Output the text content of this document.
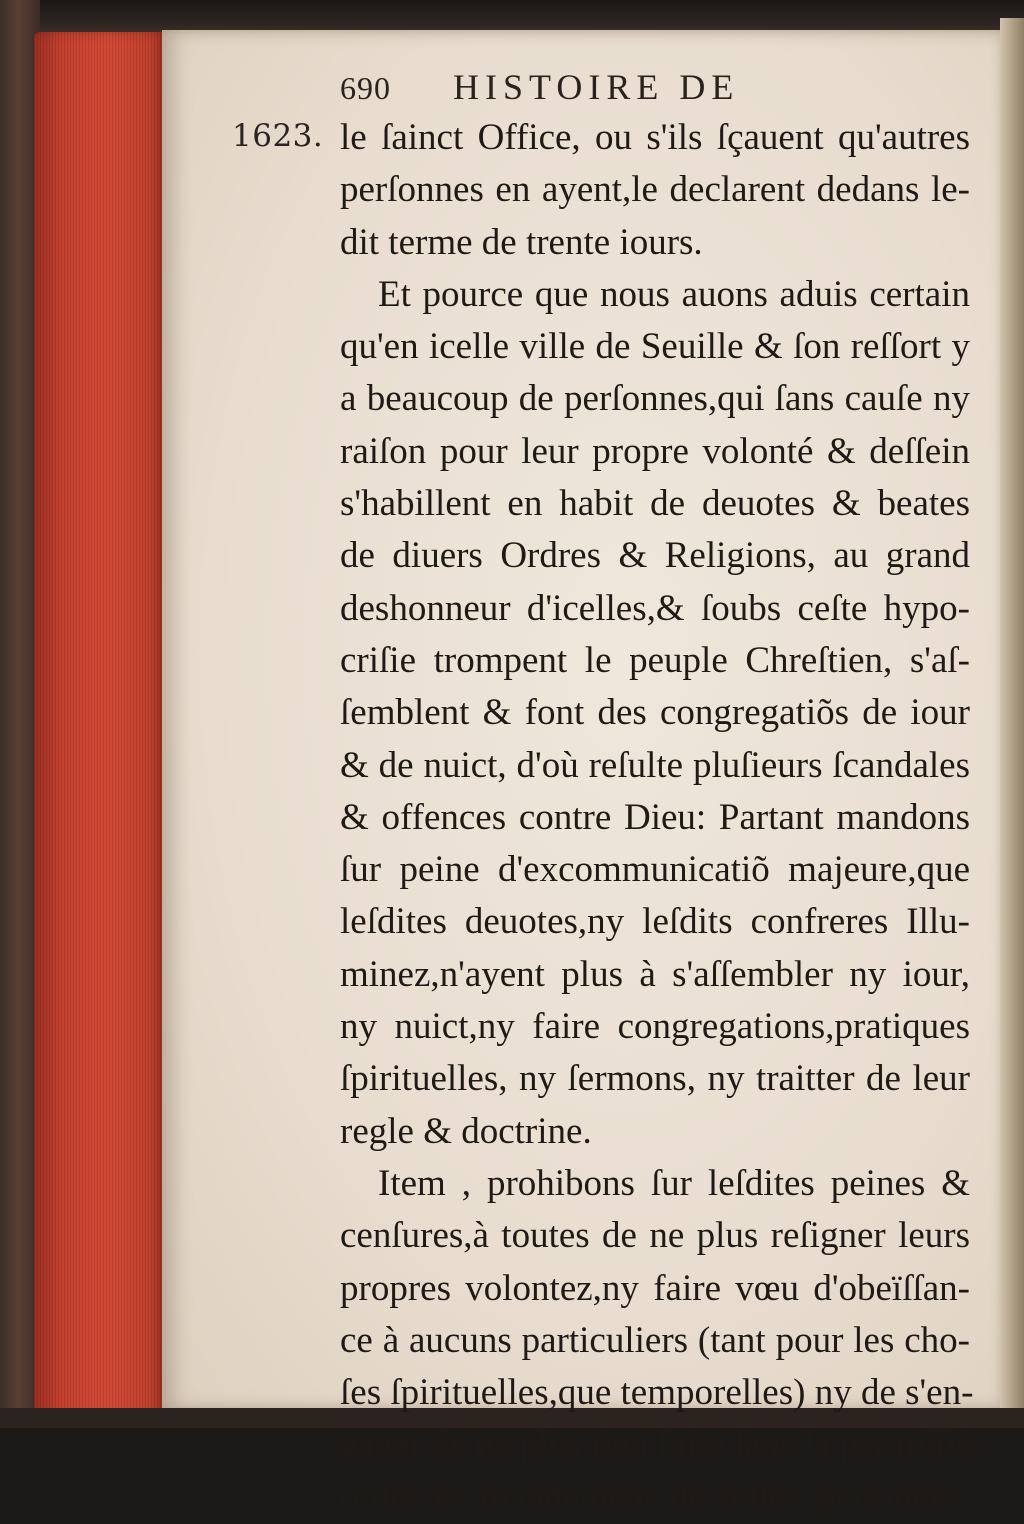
1623.
690 HISTOIRE DE
le ſainct Office, ou s'ils ſçauent qu'autres
perſonnes en ayent,le declarent dedans le-
dit terme de trente iours.
Et pource que nous auons aduis certain
qu'en icelle ville de Seuille & ſon reſſort y
a beaucoup de perſonnes,qui ſans cauſe ny
raiſon pour leur propre volonté & deſſein
s'habillent en habit de deuotes & beates
de diuers Ordres & Religions, au grand
deshonneur d'icelles,& ſoubs ceſte hypo-
criſie trompent le peuple Chreſtien, s'aſ-
ſemblent & font des congregatiõs de iour
& de nuict, d'où reſulte pluſieurs ſcandales
& offences contre Dieu: Partant mandons
ſur peine d'excommunicatiõ majeure,que
leſdites deuotes,ny leſdits confreres Illu-
minez,n'ayent plus à s'aſſembler ny iour,
ny nuict,ny faire congregations,pratiques
ſpirituelles, ny ſermons, ny traitter de leur
regle & doctrine.
Item , prohibons ſur leſdites peines &
cenſures,à toutes de ne plus reſigner leurs
propres volontez,ny faire vœu d'obeïſſan-
ce à aucuns particuliers (tant pour les cho-
ſes ſpirituelles,que temporelles) ny de s'en-
gager de ne plus rien faire ſans la permiſſiõ,
ordre & mandement de telles perſonnes,
